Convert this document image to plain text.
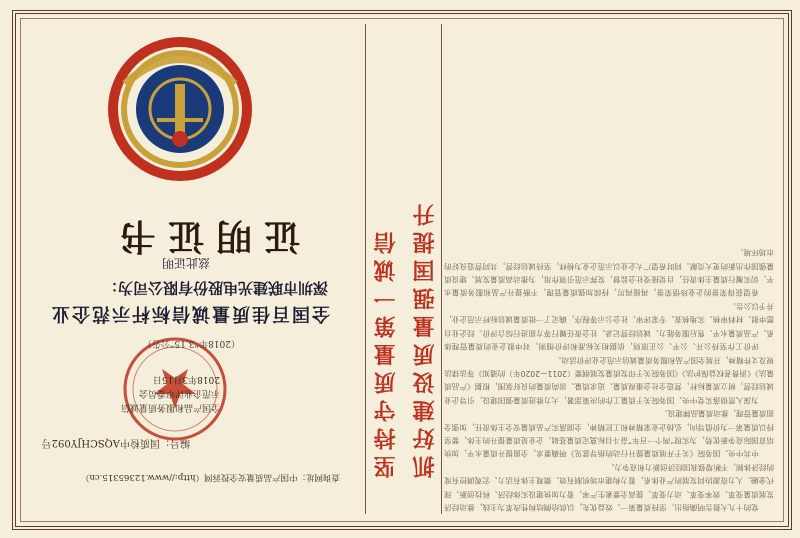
党的十九大报告明确指出，坚持质量第一、效益优先，以供给侧结构性改革为主线，推动经济发展质量变革、效率变革、动力变革，提高全要素生产率，着力加快建设实体经济、科技创新、现代金融、人力资源协同发展的产业体系，着力构建市场机制有效、微观主体有活力、宏观调控有度的经济体制，不断增强我国经济创新力和竞争力。

中共中央、国务院《关于开展质量提升行动的指导意见》明确要求，全面提升质量水平，加快培育国际竞争新优势，为实现“两个一百年”奋斗目标奠定质量基础。企业是质量提升的主体，要坚持以质量第一为价值导向，弘扬企业家精神和工匠精神，全面落实产品质量安全主体责任，加强全面质量管理，推动质量品牌建设。

为深入贯彻落实党中央、国务院关于质量工作的决策部署，大力推进质量强国建设，引导企业诚信经营，树立质量标杆，营造全社会重视质量、追求质量、崇尚质量的良好氛围，根据《产品质量法》《消费者权益保护法》《国务院关于印发质量发展纲要（2011—2020年）的通知》等法律法规及文件精神，开展全国产品和服务质量诚信示范企业评价活动。

评价工作坚持公开、公平、公正原则，依据相关标准和评价细则，对申报企业的质量管理体系、产品质量水平、售后服务能力、诚信经营记录、社会责任履行等方面进行综合评价。经企业自愿申报、材料审核、实地核查、专家评审、社会公示等程序，确定了一批质量诚信标杆示范企业，并予以公告。

希望获得荣誉的企业珍惜荣誉，再接再厉，持续加强质量管理，不断提升产品和服务质量水平，切实履行质量主体责任，自觉接受社会监督，发挥示范引领作用，为推动高质量发展、建设质量强国作出新的更大贡献。同时希望广大企业以示范企业为榜样，坚持诚信经营，共同营造良好的市场环境。

抓好建设质量强国提升
坚持守质量第一诚信
查询网址：中国产品质量安全投诉网（http://www.12365315.cn）
编号：国质检中AQSCHJY092号
全国产品和服务质量诚信
示范企业评审委员会
2018年3月15日
（2018年“3.15”公告）
全国百佳质量诚信标杆示范企业
深圳市联建光电股份有限公司为：
兹此证明
证明证书
